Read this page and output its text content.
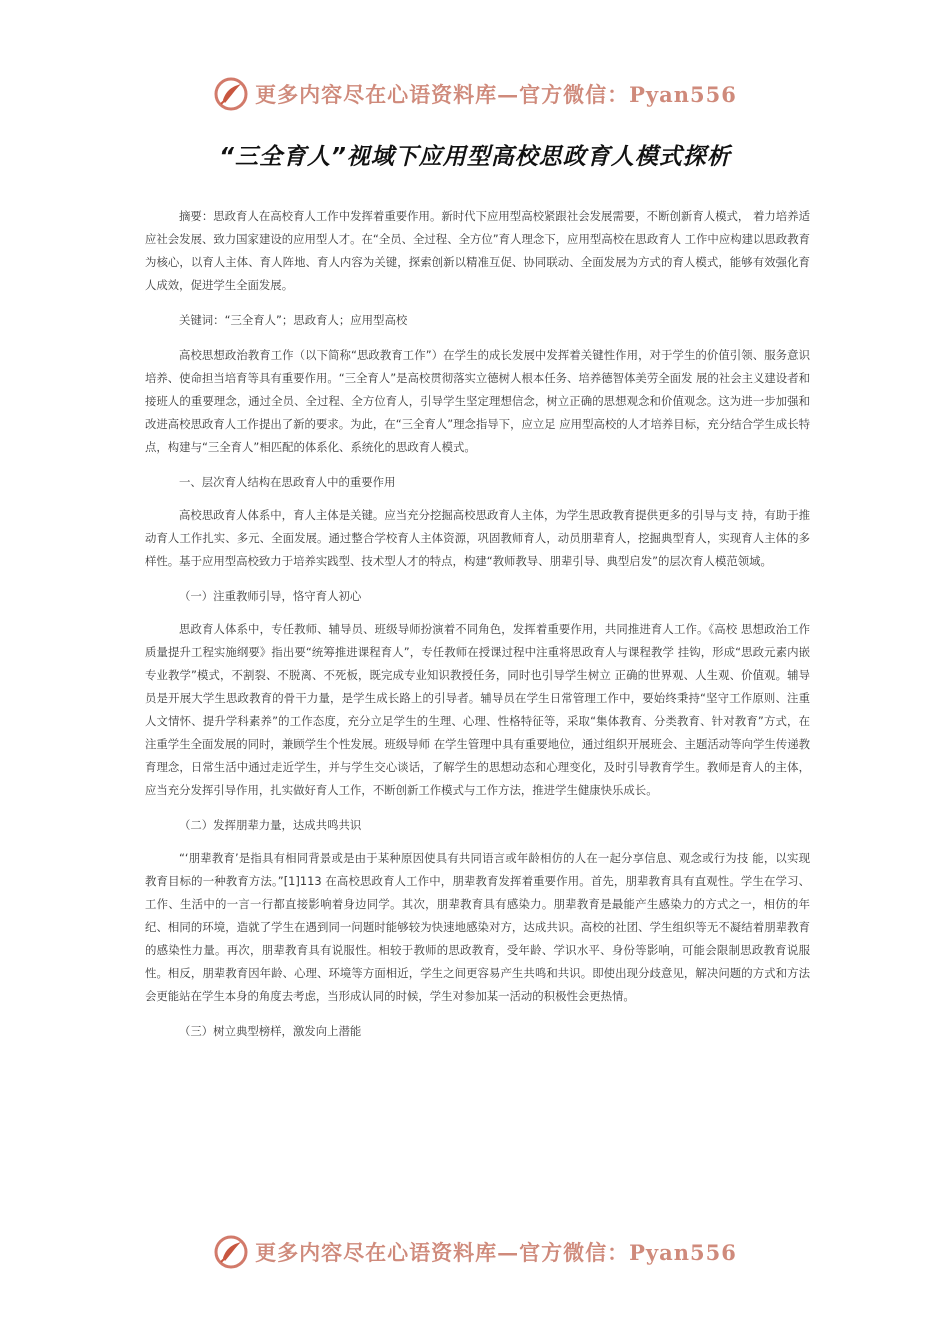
更多内容尽在心语资料库—官方微信：Pyan556
“三全育人”视域下应用型高校思政育人模式探析

摘要：思政育人在高校育人工作中发挥着重要作用。新时代下应用型高校紧跟社会发展需要，不断创新育人模式， 着力培养适应社会发展、致力国家建设的应用型人才。在“全员、全过程、全方位”育人理念下，应用型高校在思政育人 工作中应构建以思政教育为核心，以育人主体、育人阵地、育人内容为关键，探索创新以精准互促、协同联动、全面发展为方式的育人模式，能够有效强化育人成效，促进学生全面发展。

关键词：“三全育人”；思政育人；应用型高校

高校思想政治教育工作（以下简称“思政教育工作”）在学生的成长发展中发挥着关键性作用，对于学生的价值引领、服务意识培养、使命担当培育等具有重要作用。“三全育人”是高校贯彻落实立德树人根本任务、培养德智体美劳全面发 展的社会主义建设者和接班人的重要理念，通过全员、全过程、全方位育人，引导学生坚定理想信念，树立正确的思想观念和价值观念。这为进一步加强和改进高校思政育人工作提出了新的要求。为此，在“三全育人”理念指导下，应立足 应用型高校的人才培养目标，充分结合学生成长特点，构建与“三全育人”相匹配的体系化、系统化的思政育人模式。

一、层次育人结构在思政育人中的重要作用

高校思政育人体系中，育人主体是关键。应当充分挖掘高校思政育人主体，为学生思政教育提供更多的引导与支 持，有助于推动育人工作扎实、多元、全面发展。通过整合学校育人主体资源，巩固教师育人，动员朋辈育人，挖掘典型育人，实现育人主体的多样性。基于应用型高校致力于培养实践型、技术型人才的特点，构建“教师教导、朋辈引导、典型启发”的层次育人模范领域。

（一）注重教师引导，恪守育人初心

思政育人体系中，专任教师、辅导员、班级导师扮演着不同角色，发挥着重要作用，共同推进育人工作。《高校 思想政治工作质量提升工程实施纲要》指出要“统筹推进课程育人”，专任教师在授课过程中注重将思政育人与课程教学 挂钩，形成“思政元素内嵌专业教学”模式，不割裂、不脱离、不死板，既完成专业知识教授任务，同时也引导学生树立 正确的世界观、人生观、价值观。辅导员是开展大学生思政教育的骨干力量，是学生成长路上的引导者。辅导员在学生日常管理工作中，要始终秉持“坚守工作原则、注重人文情怀、提升学科素养”的工作态度，充分立足学生的生理、心理、性格特征等，采取“集体教育、分类教育、针对教育”方式，在注重学生全面发展的同时，兼顾学生个性发展。班级导师 在学生管理中具有重要地位，通过组织开展班会、主题活动等向学生传递教育理念，日常生活中通过走近学生，并与学生交心谈话，了解学生的思想动态和心理变化，及时引导教育学生。教师是育人的主体，应当充分发挥引导作用，扎实做好育人工作，不断创新工作模式与工作方法，推进学生健康快乐成长。

（二）发挥朋辈力量，达成共鸣共识

“‘朋辈教育’是指具有相同背景或是由于某种原因使具有共同语言或年龄相仿的人在一起分享信息、观念或行为技 能，以实现教育目标的一种教育方法。”[1]113 在高校思政育人工作中，朋辈教育发挥着重要作用。首先，朋辈教育具有直观性。学生在学习、工作、生活中的一言一行都直接影响着身边同学。其次，朋辈教育具有感染力。朋辈教育是最能产生感染力的方式之一，相仿的年纪、相同的环境，造就了学生在遇到同一问题时能够较为快速地感染对方，达成共识。高校的社团、学生组织等无不凝结着朋辈教育的感染性力量。再次，朋辈教育具有说服性。相较于教师的思政教育，受年龄、学识水平、身份等影响，可能会限制思政教育说服性。相反，朋辈教育因年龄、心理、环境等方面相近，学生之间更容易产生共鸣和共识。即使出现分歧意见，解决问题的方式和方法会更能站在学生本身的角度去考虑，当形成认同的时候，学生对参加某一活动的积极性会更热情。

（三）树立典型榜样，激发向上潜能

更多内容尽在心语资料库—官方微信：Pyan556
